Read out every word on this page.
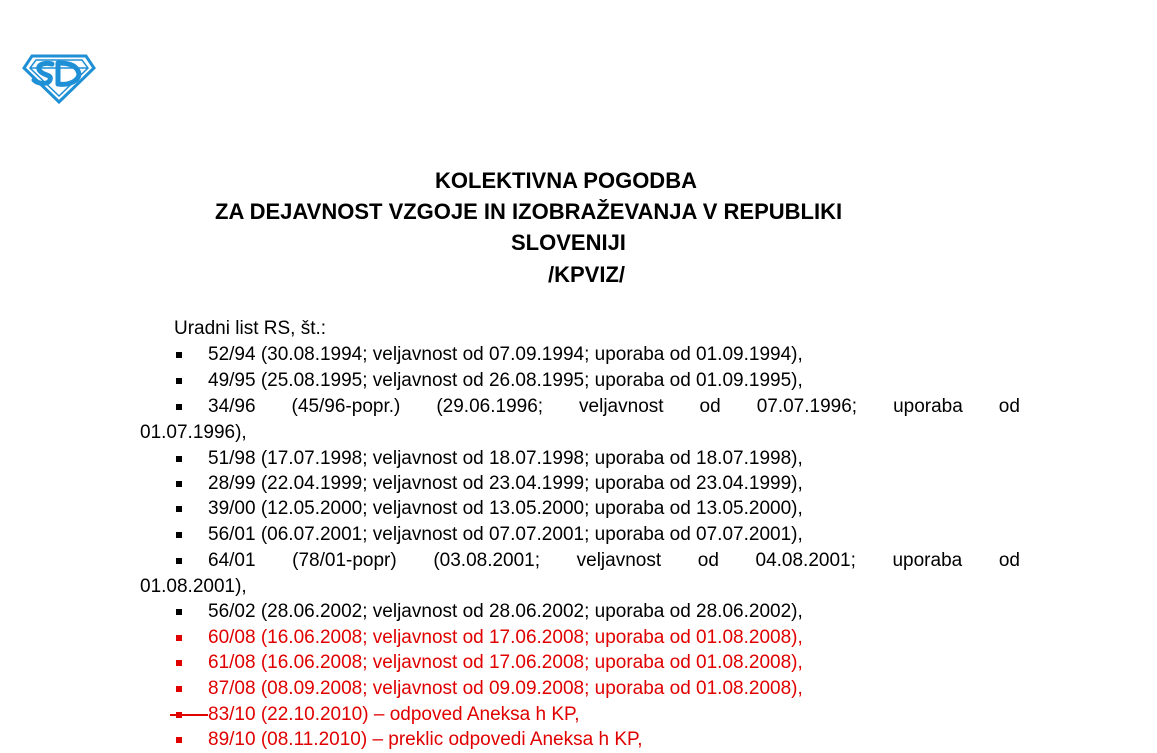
KOLEKTIVNA POGODBA
ZA DEJAVNOST VZGOJE IN IZOBRAŽEVANJA V REPUBLIKI
SLOVENIJI
/KPVIZ/
Uradni list RS, št.:
52/94 (30.08.1994; veljavnost od 07.09.1994; uporaba od 01.09.1994),
49/95 (25.08.1995; veljavnost od 26.08.1995; uporaba od 01.09.1995),
34/96 (45/96-popr.) (29.06.1996; veljavnost od 07.07.1996; uporaba od
01.07.1996),
51/98 (17.07.1998; veljavnost od 18.07.1998; uporaba od 18.07.1998),
28/99 (22.04.1999; veljavnost od 23.04.1999; uporaba od 23.04.1999),
39/00 (12.05.2000; veljavnost od 13.05.2000; uporaba od 13.05.2000),
56/01 (06.07.2001; veljavnost od 07.07.2001; uporaba od 07.07.2001),
64/01 (78/01-popr) (03.08.2001; veljavnost od 04.08.2001; uporaba od
01.08.2001),
56/02 (28.06.2002; veljavnost od 28.06.2002; uporaba od 28.06.2002),
60/08 (16.06.2008; veljavnost od 17.06.2008; uporaba od 01.08.2008),
61/08 (16.06.2008; veljavnost od 17.06.2008; uporaba od 01.08.2008),
87/08 (08.09.2008; veljavnost od 09.09.2008; uporaba od 01.08.2008),
83/10 (22.10.2010) – odpoved Aneksa h KP,
89/10 (08.11.2010) – preklic odpovedi Aneksa h KP,
